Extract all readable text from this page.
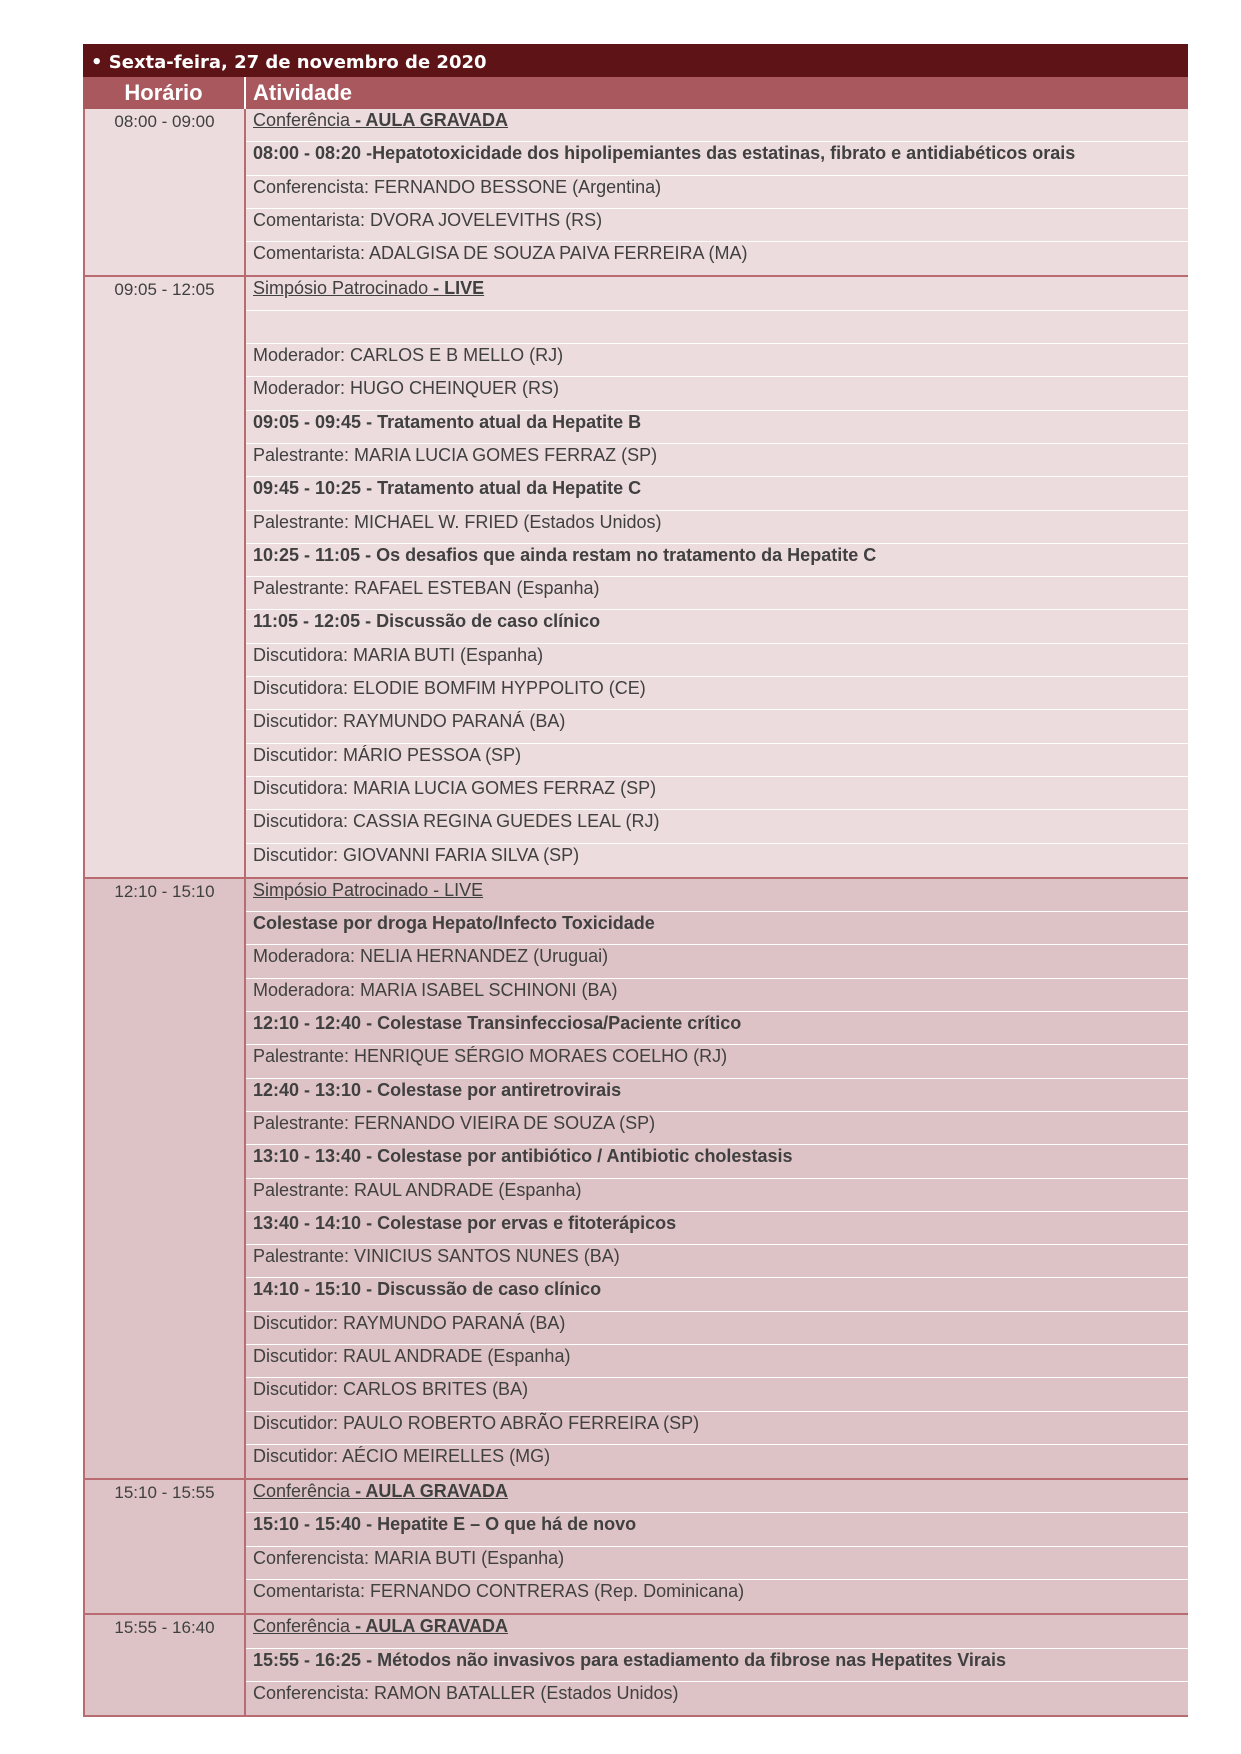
• Sexta-feira, 27 de novembro de 2020
Horário	Atividade
08:00 - 09:00	Conferência - AULA GRAVADA
08:00 - 08:20 -Hepatotoxicidade dos hipolipemiantes das estatinas, fibrato e antidiabéticos orais
Conferencista: FERNANDO BESSONE (Argentina)
Comentarista: DVORA JOVELEVITHS (RS)
Comentarista: ADALGISA DE SOUZA PAIVA FERREIRA (MA)
09:05 - 12:05	Simpósio Patrocinado - LIVE
Moderador: CARLOS E B MELLO (RJ)
Moderador: HUGO CHEINQUER (RS)
09:05 - 09:45 - Tratamento atual da Hepatite B
Palestrante: MARIA LUCIA GOMES FERRAZ (SP)
09:45 - 10:25 - Tratamento atual da Hepatite C
Palestrante: MICHAEL W. FRIED (Estados Unidos)
10:25 - 11:05 - Os desafios que ainda restam no tratamento da Hepatite C
Palestrante: RAFAEL ESTEBAN (Espanha)
11:05 - 12:05 - Discussão de caso clínico
Discutidora: MARIA BUTI (Espanha)
Discutidora: ELODIE BOMFIM HYPPOLITO (CE)
Discutidor: RAYMUNDO PARANÁ (BA)
Discutidor: MÁRIO PESSOA (SP)
Discutidora: MARIA LUCIA GOMES FERRAZ (SP)
Discutidora: CASSIA REGINA GUEDES LEAL (RJ)
Discutidor: GIOVANNI FARIA SILVA (SP)
12:10 - 15:10	Simpósio Patrocinado - LIVE
Colestase por droga Hepato/Infecto Toxicidade
Moderadora: NELIA HERNANDEZ (Uruguai)
Moderadora: MARIA ISABEL SCHINONI (BA)
12:10 - 12:40 - Colestase Transinfecciosa/Paciente crítico
Palestrante: HENRIQUE SÉRGIO MORAES COELHO (RJ)
12:40 - 13:10 - Colestase por antiretrovirais
Palestrante: FERNANDO VIEIRA DE SOUZA (SP)
13:10 - 13:40 - Colestase por antibiótico / Antibiotic cholestasis
Palestrante: RAUL ANDRADE (Espanha)
13:40 - 14:10 - Colestase por ervas e fitoterápicos
Palestrante: VINICIUS SANTOS NUNES (BA)
14:10 - 15:10 - Discussão de caso clínico
Discutidor: RAYMUNDO PARANÁ (BA)
Discutidor: RAUL ANDRADE (Espanha)
Discutidor: CARLOS BRITES (BA)
Discutidor: PAULO ROBERTO ABRÃO FERREIRA (SP)
Discutidor: AÉCIO MEIRELLES (MG)
15:10 - 15:55	Conferência - AULA GRAVADA
15:10 - 15:40 - Hepatite E – O que há de novo
Conferencista: MARIA BUTI (Espanha)
Comentarista: FERNANDO CONTRERAS (Rep. Dominicana)
15:55 - 16:40	Conferência - AULA GRAVADA
15:55 - 16:25 - Métodos não invasivos para estadiamento da fibrose nas Hepatites Virais
Conferencista: RAMON BATALLER (Estados Unidos)
